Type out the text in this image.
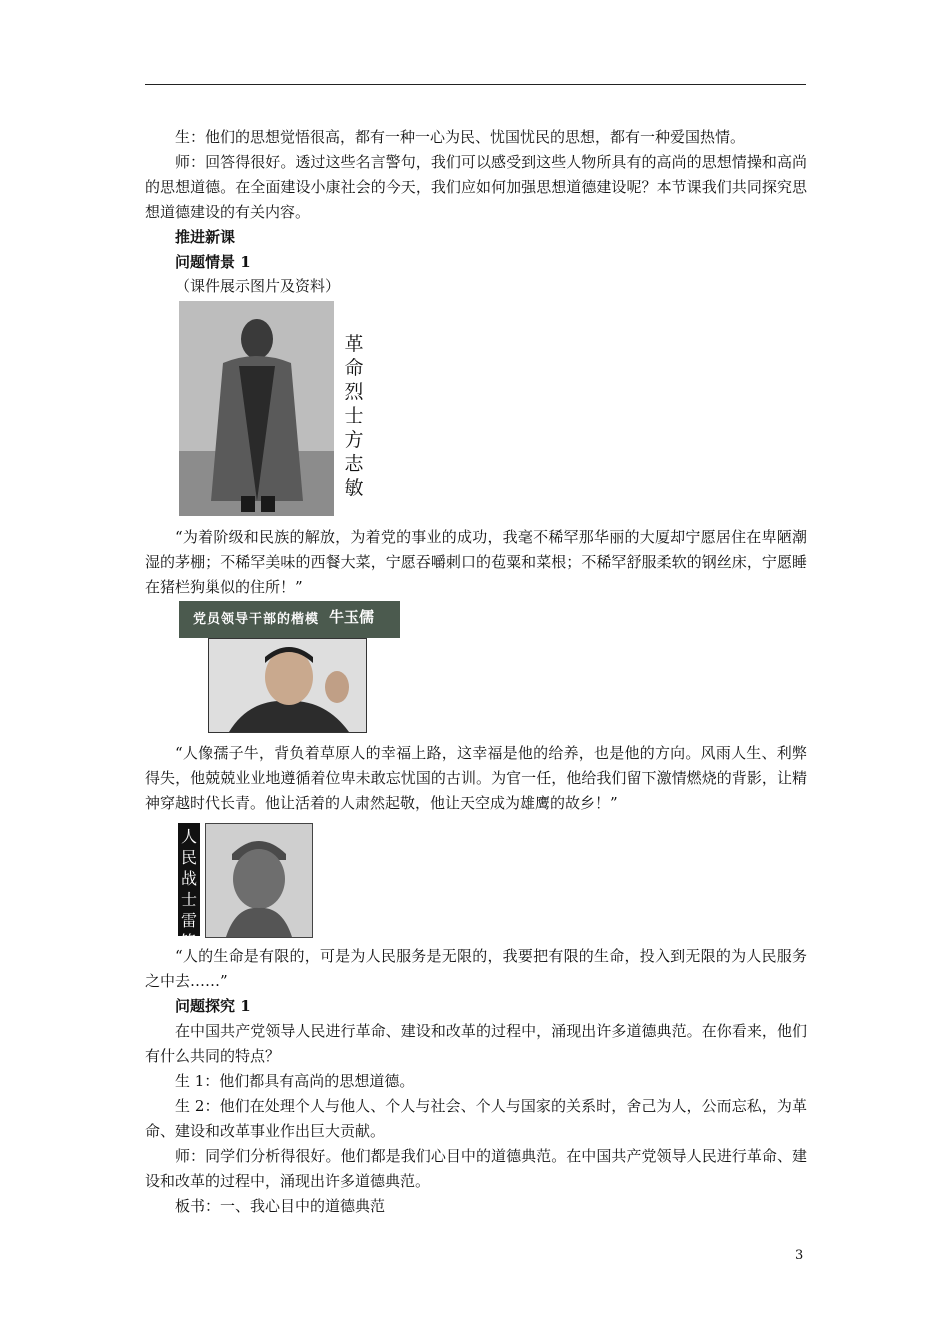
生：他们的思想觉悟很高，都有一种一心为民、忧国忧民的思想，都有一种爱国热情。

师：回答得很好。透过这些名言警句，我们可以感受到这些人物所具有的高尚的思想情操和高尚的思想道德。在全面建设小康社会的今天，我们应如何加强思想道德建设呢？本节课我们共同探究思想道德建设的有关内容。

推进新课

问题情景 1

（课件展示图片及资料）

革命烈士方志敏

“为着阶级和民族的解放，为着党的事业的成功，我毫不稀罕那华丽的大厦却宁愿居住在卑陋潮湿的茅棚；不稀罕美味的西餐大菜，宁愿吞嚼刺口的苞粟和菜根；不稀罕舒服柔软的钢丝床，宁愿睡在猪栏狗巢似的住所！”

党员领导干部的楷模 牛玉儒

“人像孺子牛，背负着草原人的幸福上路，这幸福是他的给养，也是他的方向。风雨人生、利弊得失，他兢兢业业地遵循着位卑未敢忘忧国的古训。为官一任，他给我们留下激情燃烧的背影，让精神穿越时代长青。他让活着的人肃然起敬，他让天空成为雄鹰的故乡！”

人民战士雷锋

“人的生命是有限的，可是为人民服务是无限的，我要把有限的生命，投入到无限的为人民服务之中去……”

问题探究 1

在中国共产党领导人民进行革命、建设和改革的过程中，涌现出许多道德典范。在你看来，他们有什么共同的特点？

生 1：他们都具有高尚的思想道德。

生 2：他们在处理个人与他人、个人与社会、个人与国家的关系时，舍己为人，公而忘私，为革命、建设和改革事业作出巨大贡献。

师：同学们分析得很好。他们都是我们心目中的道德典范。在中国共产党领导人民进行革命、建设和改革的过程中，涌现出许多道德典范。

板书：一、我心目中的道德典范

3
